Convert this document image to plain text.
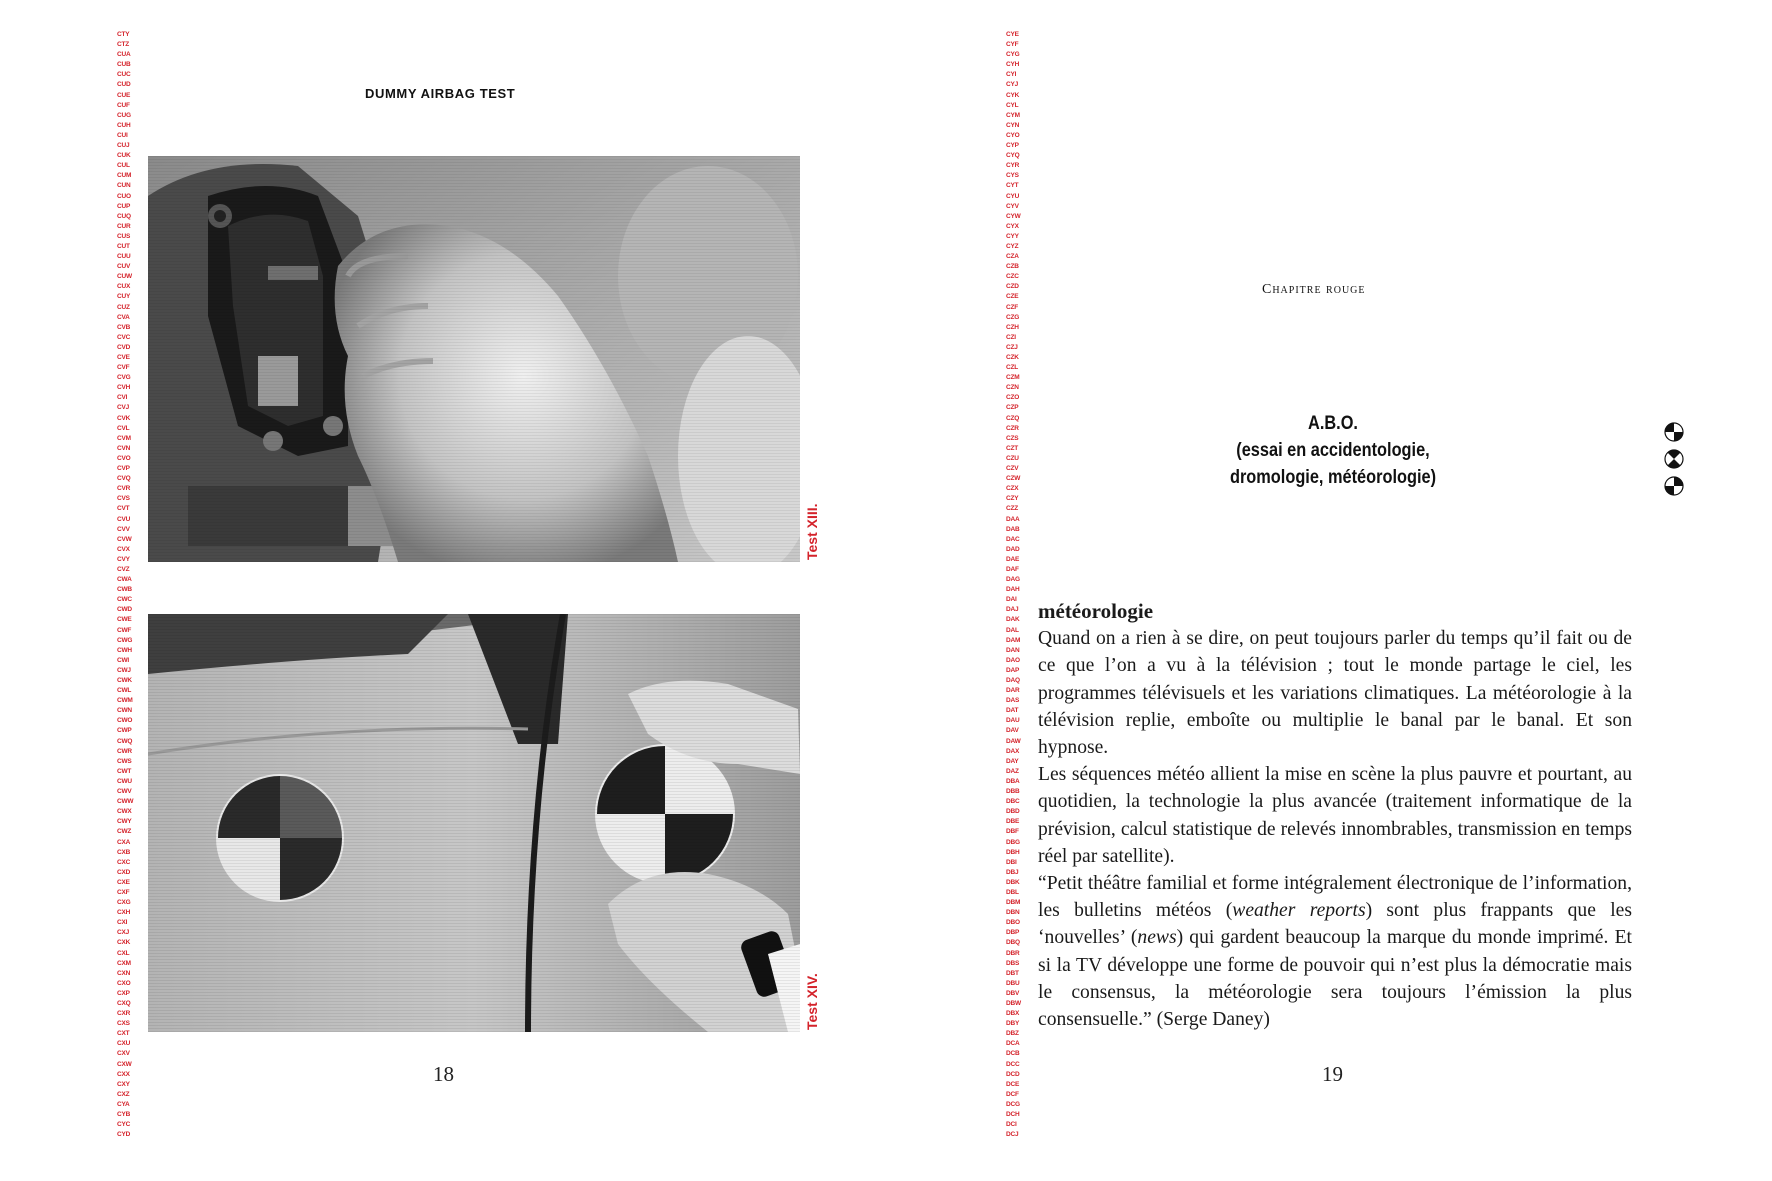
CTY
CTZ
CUA
CUB
CUC
CUD
CUE
CUF
CUG
CUH
CUI
CUJ
CUK
CUL
CUM
CUN
CUO
CUP
CUQ
CUR
CUS
CUT
CUU
CUV
CUW
CUX
CUY
CUZ
CVA
CVB
CVC
CVD
CVE
CVF
CVG
CVH
CVI
CVJ
CVK
CVL
CVM
CVN
CVO
CVP
CVQ
CVR
CVS
CVT
CVU
CVV
CVW
CVX
CVY
CVZ
CWA
CWB
CWC
CWD
CWE
CWF
CWG
CWH
CWI
CWJ
CWK
CWL
CWM
CWN
CWO
CWP
CWQ
CWR
CWS
CWT
CWU
CWV
CWW
CWX
CWY
CWZ
CXA
CXB
CXC
CXD
CXE
CXF
CXG
CXH
CXI
CXJ
CXK
CXL
CXM
CXN
CXO
CXP
CXQ
CXR
CXS
CXT
CXU
CXV
CXW
CXX
CXY
CXZ
CYA
CYB
CYC
CYD
DUMMY AIRBAG TEST
Test XIII.
Test XIV.
18
CYE
CYF
CYG
CYH
CYI
CYJ
CYK
CYL
CYM
CYN
CYO
CYP
CYQ
CYR
CYS
CYT
CYU
CYV
CYW
CYX
CYY
CYZ
CZA
CZB
CZC
CZD
CZE
CZF
CZG
CZH
CZI
CZJ
CZK
CZL
CZM
CZN
CZO
CZP
CZQ
CZR
CZS
CZT
CZU
CZV
CZW
CZX
CZY
CZZ
DAA
DAB
DAC
DAD
DAE
DAF
DAG
DAH
DAI
DAJ
DAK
DAL
DAM
DAN
DAO
DAP
DAQ
DAR
DAS
DAT
DAU
DAV
DAW
DAX
DAY
DAZ
DBA
DBB
DBC
DBD
DBE
DBF
DBG
DBH
DBI
DBJ
DBK
DBL
DBM
DBN
DBO
DBP
DBQ
DBR
DBS
DBT
DBU
DBV
DBW
DBX
DBY
DBZ
DCA
DCB
DCC
DCD
DCE
DCF
DCG
DCH
DCI
DCJ
Chapitre rouge
A.B.O.
(essai en accidentologie,
dromologie, météorologie)
météorologie

Quand on a rien à se dire, on peut toujours parler du temps qu’il fait ou de ce que l’on a vu à la télévision ; tout le monde partage le ciel, les programmes télévisuels et les variations climatiques. La météorologie à la télévision replie, emboîte ou multiplie le banal par le banal. Et son hypnose.

Les séquences météo allient la mise en scène la plus pauvre et pourtant, au quotidien, la technologie la plus avancée (traitement informatique de la prévision, calcul statistique de relevés innombrables, transmission en temps réel par satellite).

“Petit théâtre familial et forme intégralement électronique de l’information, les bulletins météos (weather reports) sont plus frappants que les ‘nouvelles’ (news) qui gardent beaucoup la marque du monde imprimé. Et si la TV développe une forme de pouvoir qui n’est plus la démocratie mais le consensus, la météorologie sera toujours l’émission la plus consensuelle.” (Serge Daney)

19
